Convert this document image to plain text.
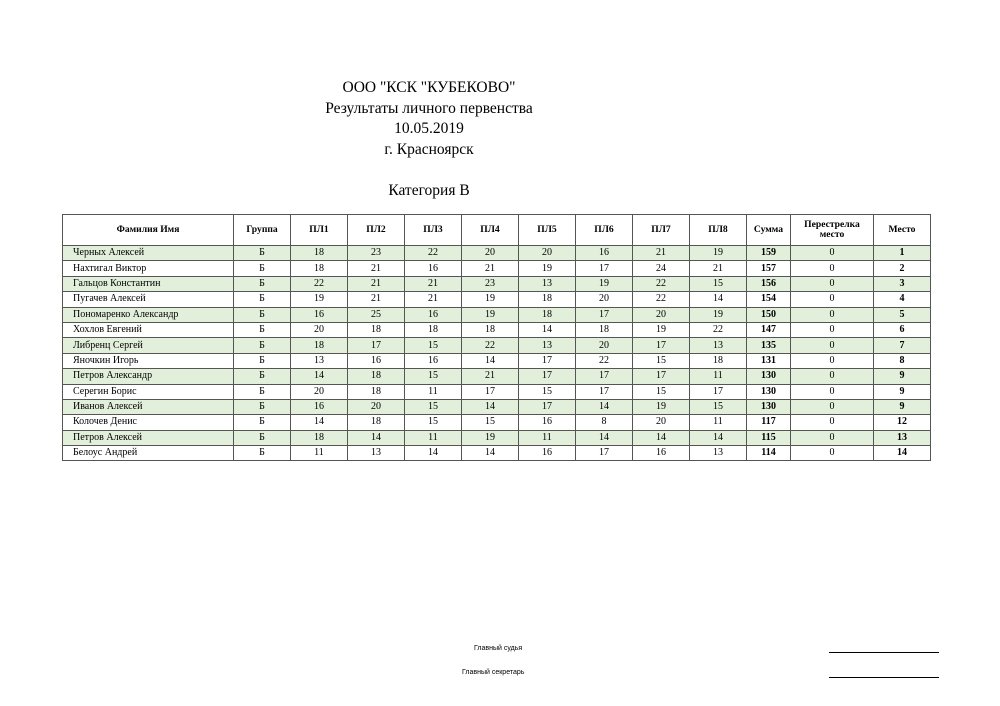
ООО "КСК "КУБЕКОВО"
Результаты личного первенства
10.05.2019
г. Красноярск
Категория В
Фамилия Имя	Группа	ПЛ1	ПЛ2	ПЛ3	ПЛ4	ПЛ5	ПЛ6	ПЛ7	ПЛ8	Сумма	Перестрелка место	Место
Черных Алексей	Б	18	23	22	20	20	16	21	19	159	0	1
Нахтигал Виктор	Б	18	21	16	21	19	17	24	21	157	0	2
Гальцов Константин	Б	22	21	21	23	13	19	22	15	156	0	3
Пугачев Алексей	Б	19	21	21	19	18	20	22	14	154	0	4
Пономаренко Александр	Б	16	25	16	19	18	17	20	19	150	0	5
Хохлов Евгений	Б	20	18	18	18	14	18	19	22	147	0	6
Либренц Сергей	Б	18	17	15	22	13	20	17	13	135	0	7
Яночкин Игорь	Б	13	16	16	14	17	22	15	18	131	0	8
Петров Александр	Б	14	18	15	21	17	17	17	11	130	0	9
Серегин Борис	Б	20	18	11	17	15	17	15	17	130	0	9
Иванов Алексей	Б	16	20	15	14	17	14	19	15	130	0	9
Колочев Денис	Б	14	18	15	15	16	8	20	11	117	0	12
Петров Алексей	Б	18	14	11	19	11	14	14	14	115	0	13
Белоус Андрей	Б	11	13	14	14	16	17	16	13	114	0	14
Главный судья
Главный секретарь
